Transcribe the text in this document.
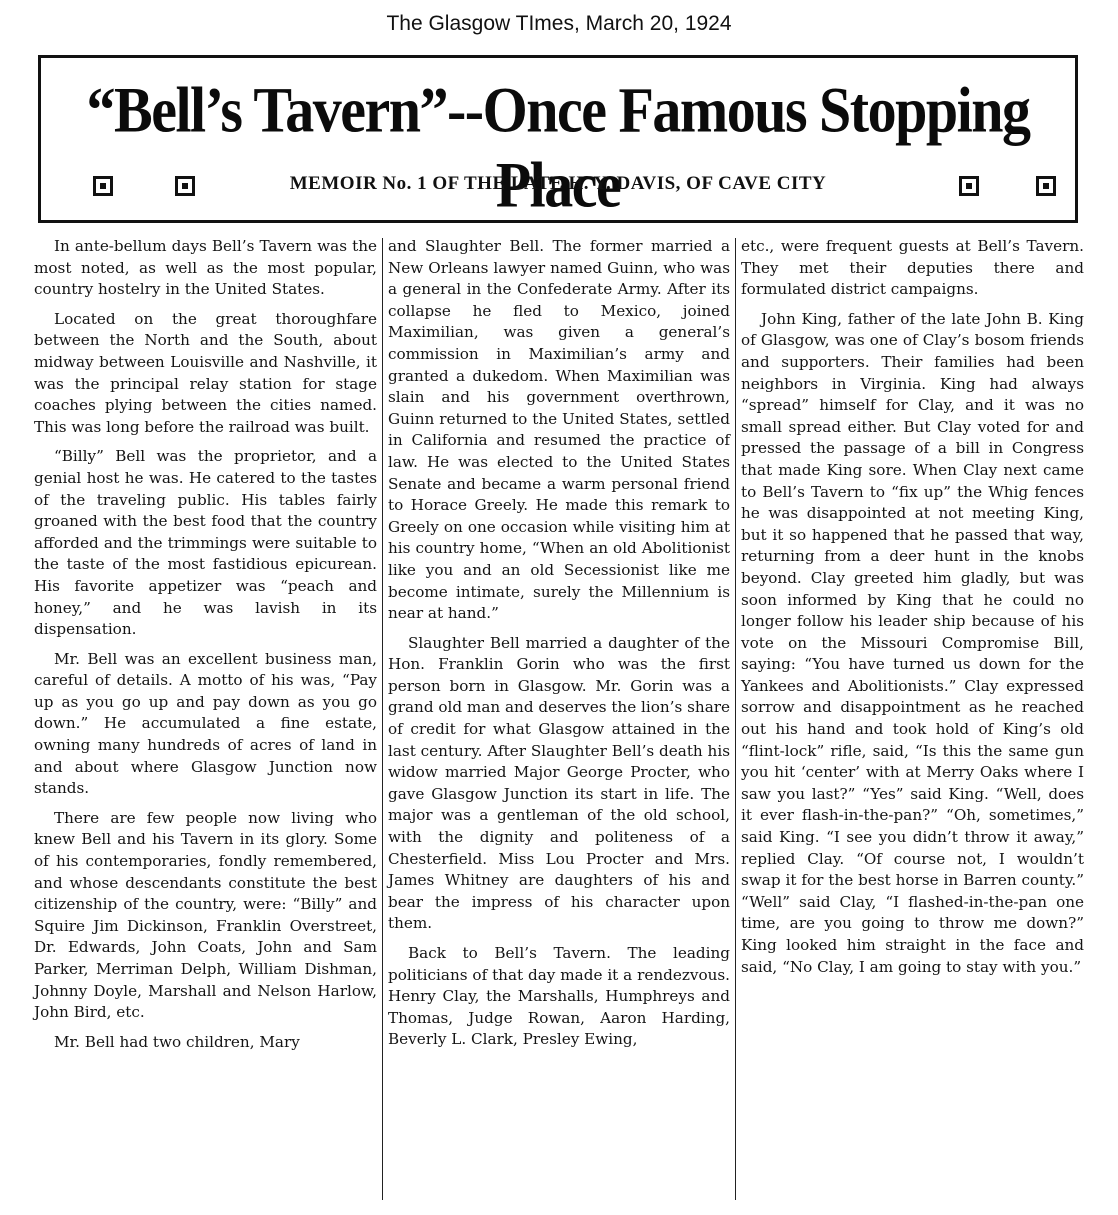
The Glasgow TImes, March 20, 1924
“Bell’s Tavern”--Once Famous Stopping Place
MEMOIR No. 1 OF THE LATE H. Y. DAVIS, OF CAVE CITY

In ante-bellum days Bell’s Tavern was the most noted, as well as the most popular, country hostelry in the United States.

Located on the great thoroughfare between the North and the South, about midway between Louisville and Nashville, it was the principal relay station for stage coaches plying between the cities named. This was long before the railroad was built.

“Billy” Bell was the proprietor, and a genial host he was. He catered to the tastes of the traveling public. His tables fairly groaned with the best food that the country afforded and the trimmings were suitable to the taste of the most fastidious epicurean. His favorite appetizer was “peach and honey,” and he was lavish in its dispensation.

Mr. Bell was an excellent business man, careful of details. A motto of his was, “Pay up as you go up and pay down as you go down.” He accumulated a fine estate, owning many hundreds of acres of land in and about where Glasgow Junction now stands.

There are few people now living who knew Bell and his Tavern in its glory. Some of his contemporaries, fondly remembered, and whose descendants constitute the best citizenship of the country, were: “Billy” and Squire Jim Dickinson, Franklin Overstreet, Dr. Edwards, John Coats, John and Sam Parker, Merriman Delph, William Dishman, Johnny Doyle, Marshall and Nelson Harlow, John Bird, etc.

Mr. Bell had two children, Mary

and Slaughter Bell. The former married a New Orleans lawyer named Guinn, who was a general in the Confederate Army. After its collapse he fled to Mexico, joined Maximilian, was given a general’s commission in Maximilian’s army and granted a dukedom. When Maximilian was slain and his government overthrown, Guinn returned to the United States, settled in California and resumed the practice of law. He was elected to the United States Senate and became a warm personal friend to Horace Greely. He made this remark to Greely on one occasion while visiting him at his country home, “When an old Abolitionist like you and an old Secessionist like me become intimate, surely the Millennium is near at hand.”

Slaughter Bell married a daughter of the Hon. Franklin Gorin who was the first person born in Glasgow. Mr. Gorin was a grand old man and deserves the lion’s share of credit for what Glasgow attained in the last century. After Slaughter Bell’s death his widow married Major George Procter, who gave Glasgow Junction its start in life. The major was a gentleman of the old school, with the dignity and politeness of a Chesterfield. Miss Lou Procter and Mrs. James Whitney are daughters of his and bear the impress of his character upon them.

Back to Bell’s Tavern. The leading politicians of that day made it a rendezvous. Henry Clay, the Marshalls, Humphreys and Thomas, Judge Rowan, Aaron Harding, Beverly L. Clark, Presley Ewing,

etc., were frequent guests at Bell’s Tavern. They met their deputies there and formulated district campaigns.

John King, father of the late John B. King of Glasgow, was one of Clay’s bosom friends and supporters. Their families had been neighbors in Virginia. King had always “spread” himself for Clay, and it was no small spread either. But Clay voted for and pressed the passage of a bill in Congress that made King sore. When Clay next came to Bell’s Tavern to “fix up” the Whig fences he was disappointed at not meeting King, but it so happened that he passed that way, returning from a deer hunt in the knobs beyond. Clay greeted him gladly, but was soon informed by King that he could no longer follow his leader ship because of his vote on the Missouri Compromise Bill, saying: “You have turned us down for the Yankees and Abolitionists.” Clay expressed sorrow and disappointment as he reached out his hand and took hold of King’s old “flint-lock” rifle, said, “Is this the same gun you hit ‘center’ with at Merry Oaks where I saw you last?” “Yes” said King. “Well, does it ever flash-in-the-pan?” “Oh, sometimes,” said King. “I see you didn’t throw it away,” replied Clay. “Of course not, I wouldn’t swap it for the best horse in Barren county.” “Well” said Clay, “I flashed-in-the-pan one time, are you going to throw me down?” King looked him straight in the face and said, “No Clay, I am going to stay with you.”
